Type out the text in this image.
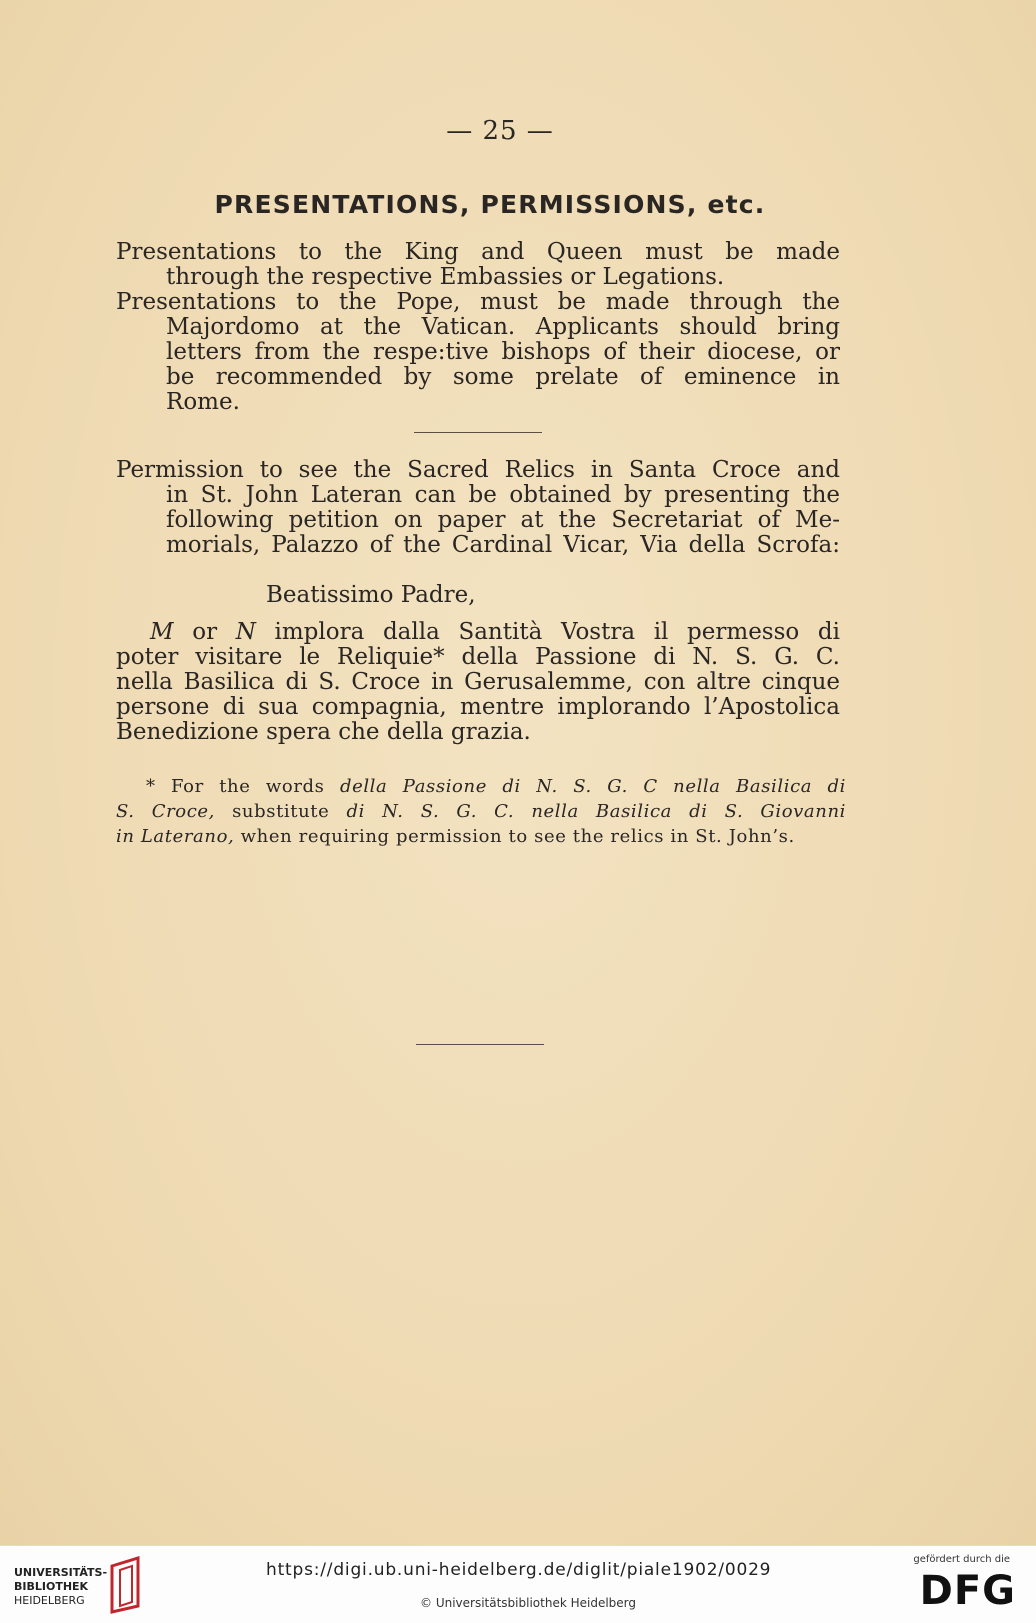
— 25 —
PRESENTATIONS, PERMISSIONS, etc.
Presentations to the King and Queen must be made
through the respective Embassies or Legations.
Presentations to the Pope, must be made through the
Majordomo at the Vatican. Applicants should bring
letters from the respe:tive bishops of their diocese, or
be recommended by some prelate of eminence in
Rome.
Permission to see the Sacred Relics in Santa Croce and
in St. John Lateran can be obtained by presenting the
following petition on paper at the Secretariat of Me-
morials, Palazzo of the Cardinal Vicar, Via della Scrofa:
Beatissimo Padre,
M or N implora dalla Santità Vostra il permesso di
poter visitare le Reliquie* della Passione di N. S. G. C.
nella Basilica di S. Croce in Gerusalemme, con altre cinque
persone di sua compagnia, mentre implorando l’Apostolica
Benedizione spera che della grazia.
* For the words della Passione di N. S. G. C nella Basilica di
S. Croce, substitute di N. S. G. C. nella Basilica di S. Giovanni
in Laterano, when requiring permission to see the relics in St. John’s.
UNIVERSITÄTS-
BIBLIOTHEK
HEIDELBERG
https://digi.ub.uni-heidelberg.de/diglit/piale1902/0029
© Universitätsbibliothek Heidelberg
gefördert durch die
DFG
